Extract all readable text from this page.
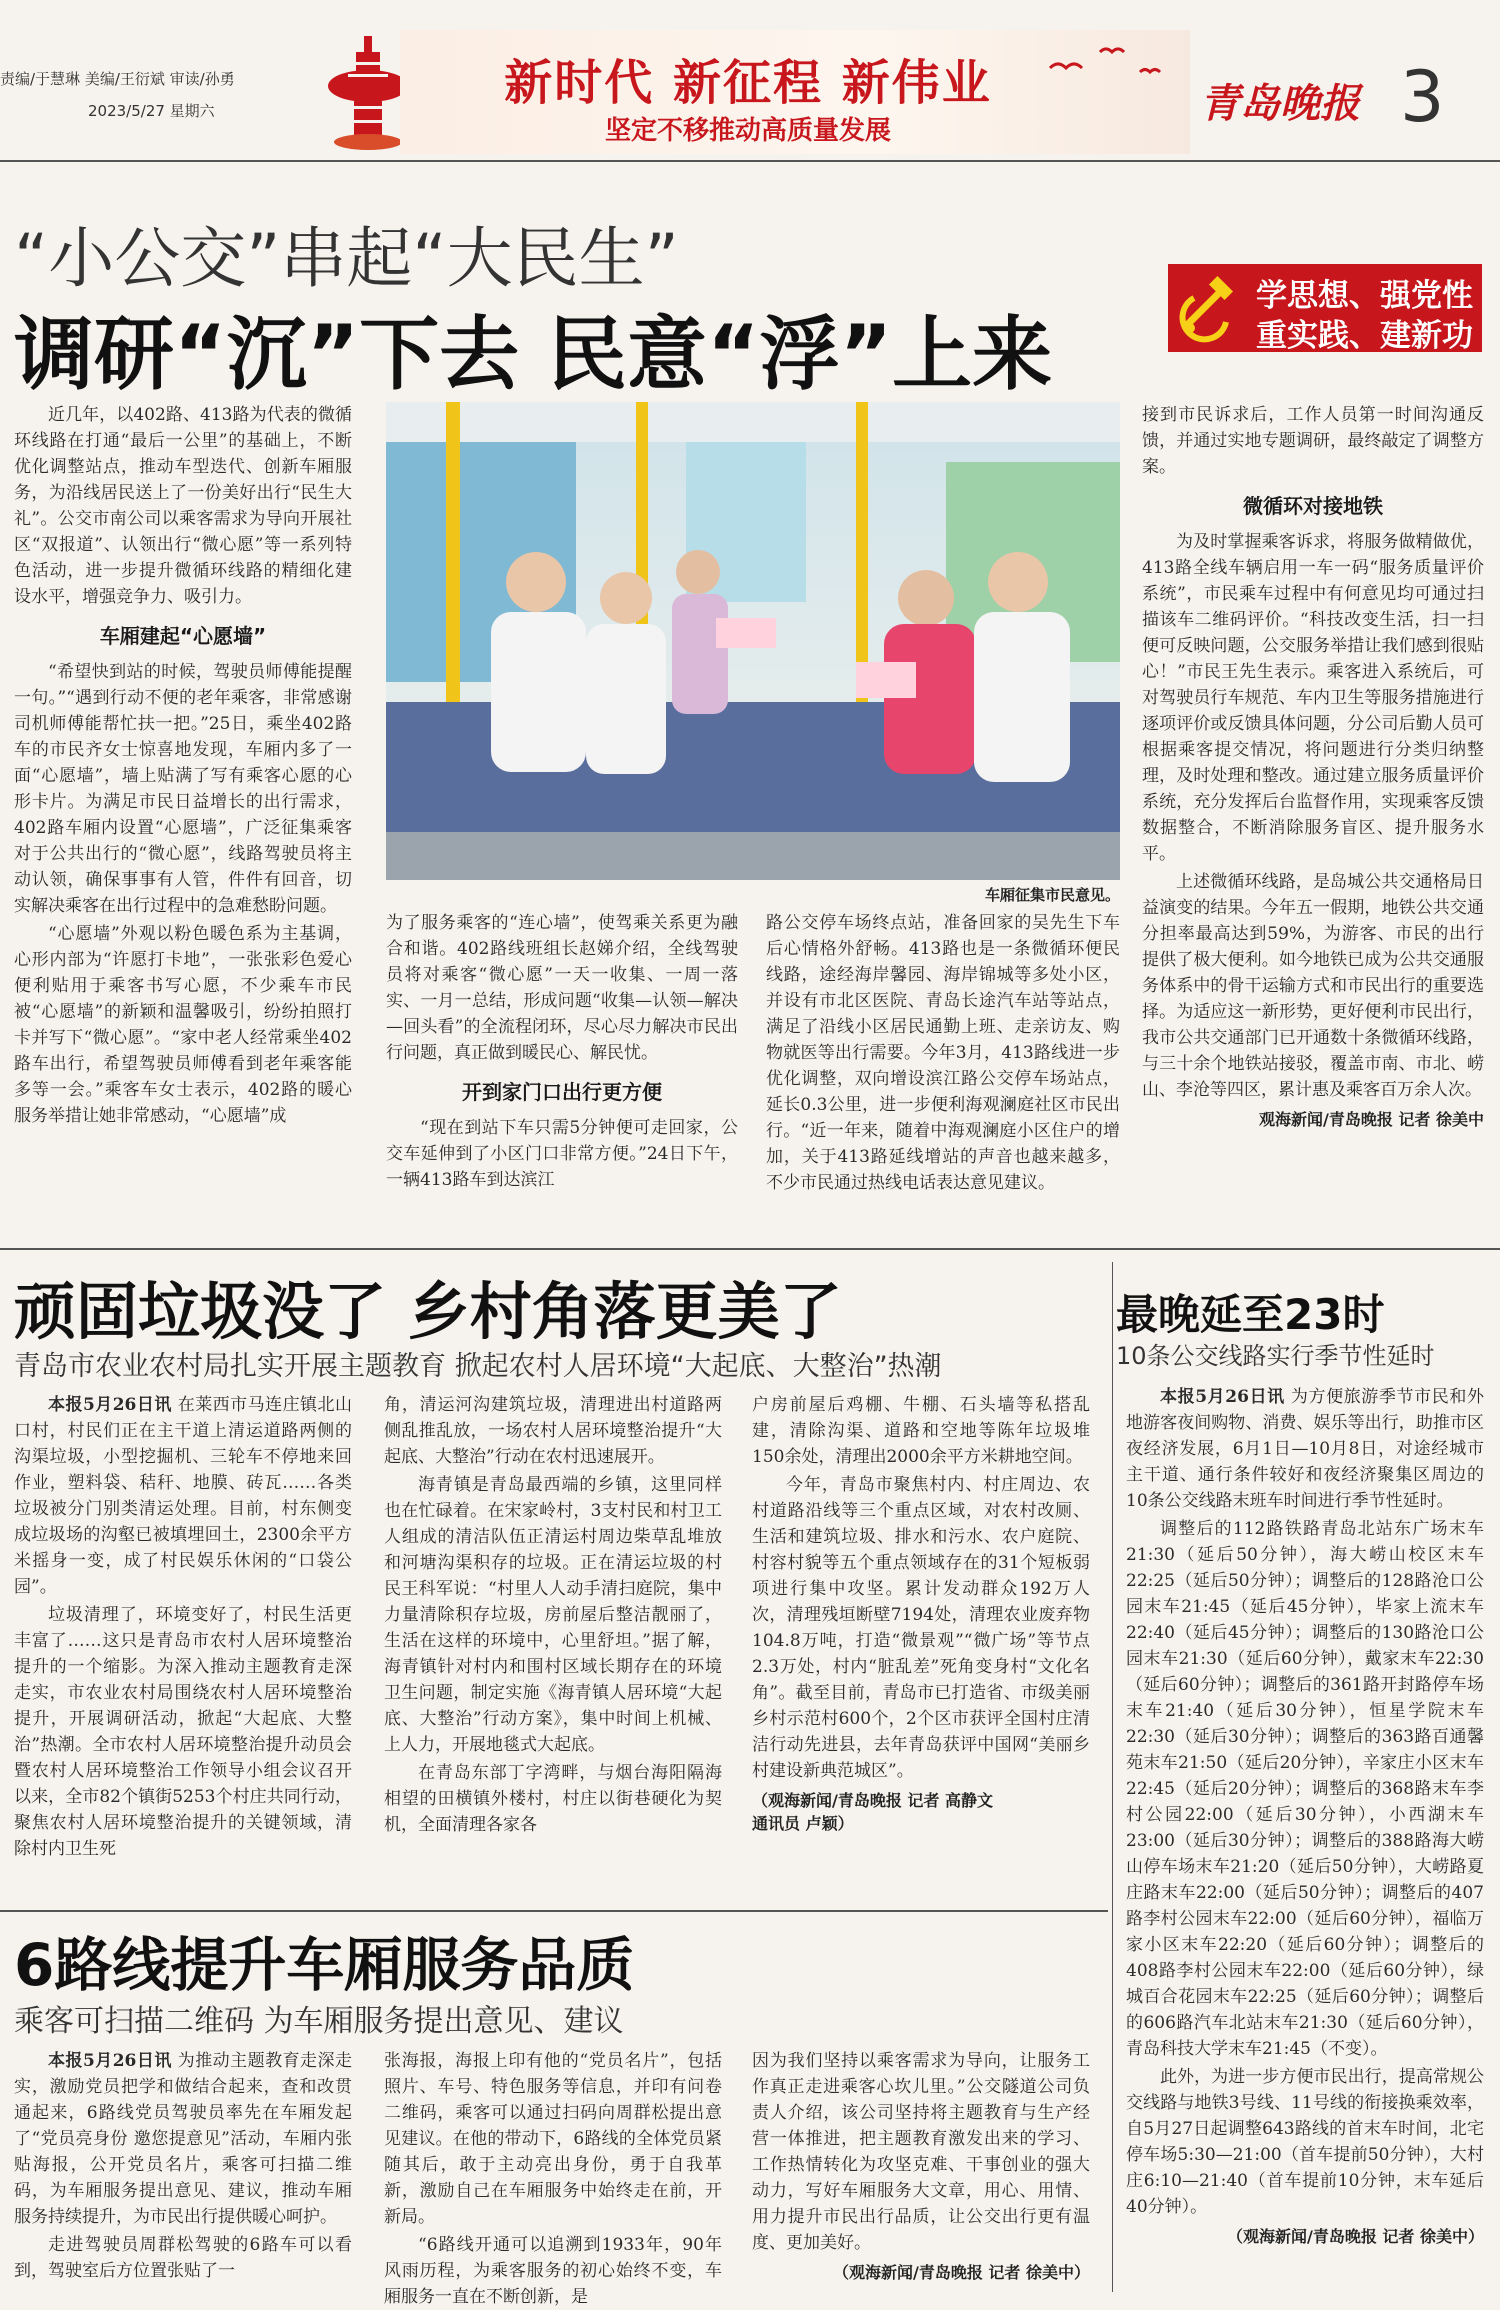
责编/于慧琳 美编/王衍斌 审读/孙勇
2023/5/27 星期六	新时代 新征程 新伟业
坚定不移推动高质量发展
青岛晚报 3
“小公交”串起“大民生”
调研“沉”下去 民意“浮”上来
学思想、强党性
重实践、建新功

近几年，以402路、413路为代表的微循环线路在打通“最后一公里”的基础上，不断优化调整站点，推动车型迭代、创新车厢服务，为沿线居民送上了一份美好出行“民生大礼”。公交市南公司以乘客需求为导向开展社区“双报道”、认领出行“微心愿”等一系列特色活动，进一步提升微循环线路的精细化建设水平，增强竞争力、吸引力。

车厢建起“心愿墙”

“希望快到站的时候，驾驶员师傅能提醒一句。”“遇到行动不便的老年乘客，非常感谢司机师傅能帮忙扶一把。”25日，乘坐402路车的市民齐女士惊喜地发现，车厢内多了一面“心愿墙”，墙上贴满了写有乘客心愿的心形卡片。为满足市民日益增长的出行需求，402路车厢内设置“心愿墙”，广泛征集乘客对于公共出行的“微心愿”，线路驾驶员将主动认领，确保事事有人管，件件有回音，切实解决乘客在出行过程中的急难愁盼问题。

“心愿墙”外观以粉色暖色系为主基调，心形内部为“许愿打卡地”，一张张彩色爱心便利贴用于乘客书写心愿，不少乘车市民被“心愿墙”的新颖和温馨吸引，纷纷拍照打卡并写下“微心愿”。“家中老人经常乘坐402路车出行，希望驾驶员师傅看到老年乘客能多等一会。”乘客车女士表示，402路的暖心服务举措让她非常感动，“心愿墙”成

车厢征集市民意见。

为了服务乘客的“连心墙”，使驾乘关系更为融合和谐。402路线班组长赵娣介绍，全线驾驶员将对乘客“微心愿”一天一收集、一周一落实、一月一总结，形成问题“收集—认领—解决—回头看”的全流程闭环，尽心尽力解决市民出行问题，真正做到暖民心、解民忧。

开到家门口出行更方便

“现在到站下车只需5分钟便可走回家，公交车延伸到了小区门口非常方便。”24日下午，一辆413路车到达滨江

路公交停车场终点站，准备回家的吴先生下车后心情格外舒畅。413路也是一条微循环便民线路，途经海岸馨园、海岸锦城等多处小区，并设有市北区医院、青岛长途汽车站等站点，满足了沿线小区居民通勤上班、走亲访友、购物就医等出行需要。今年3月，413路线进一步优化调整，双向增设滨江路公交停车场站点，延长0.3公里，进一步便利海观澜庭社区市民出行。“近一年来，随着中海观澜庭小区住户的增加，关于413路延线增站的声音也越来越多，不少市民通过热线电话表达意见建议。

接到市民诉求后，工作人员第一时间沟通反馈，并通过实地专题调研，最终敲定了调整方案。

微循环对接地铁

为及时掌握乘客诉求，将服务做精做优，413路全线车辆启用一车一码“服务质量评价系统”，市民乘车过程中有何意见均可通过扫描该车二维码评价。“科技改变生活，扫一扫便可反映问题，公交服务举措让我们感到很贴心！”市民王先生表示。乘客进入系统后，可对驾驶员行车规范、车内卫生等服务措施进行逐项评价或反馈具体问题，分公司后勤人员可根据乘客提交情况，将问题进行分类归纳整理，及时处理和整改。通过建立服务质量评价系统，充分发挥后台监督作用，实现乘客反馈数据整合，不断消除服务盲区、提升服务水平。

上述微循环线路，是岛城公共交通格局日益演变的结果。今年五一假期，地铁公共交通分担率最高达到59%，为游客、市民的出行提供了极大便利。如今地铁已成为公共交通服务体系中的骨干运输方式和市民出行的重要选择。为适应这一新形势，更好便利市民出行，我市公共交通部门已开通数十条微循环线路，与三十余个地铁站接驳，覆盖市南、市北、崂山、李沧等四区，累计惠及乘客百万余人次。

观海新闻/青岛晚报 记者 徐美中
顽固垃圾没了 乡村角落更美了
青岛市农业农村局扎实开展主题教育 掀起农村人居环境“大起底、大整治”热潮

本报5月26日讯 在莱西市马连庄镇北山口村，村民们正在主干道上清运道路两侧的沟渠垃圾，小型挖掘机、三轮车不停地来回作业，塑料袋、秸秆、地膜、砖瓦……各类垃圾被分门别类清运处理。目前，村东侧变成垃圾场的沟壑已被填埋回土，2300余平方米摇身一变，成了村民娱乐休闲的“口袋公园”。

垃圾清理了，环境变好了，村民生活更丰富了……这只是青岛市农村人居环境整治提升的一个缩影。为深入推动主题教育走深走实，市农业农村局围绕农村人居环境整治提升，开展调研活动，掀起“大起底、大整治”热潮。全市农村人居环境整治提升动员会暨农村人居环境整治工作领导小组会议召开以来，全市82个镇街5253个村庄共同行动，聚焦农村人居环境整治提升的关键领域，清除村内卫生死

角，清运河沟建筑垃圾，清理进出村道路两侧乱推乱放，一场农村人居环境整治提升“大起底、大整治”行动在农村迅速展开。

海青镇是青岛最西端的乡镇，这里同样也在忙碌着。在宋家岭村，3支村民和村卫工人组成的清洁队伍正清运村周边柴草乱堆放和河塘沟渠积存的垃圾。正在清运垃圾的村民王科军说：“村里人人动手清扫庭院，集中力量清除积存垃圾，房前屋后整洁靓丽了，生活在这样的环境中，心里舒坦。”据了解，海青镇针对村内和围村区域长期存在的环境卫生问题，制定实施《海青镇人居环境“大起底、大整治”行动方案》，集中时间上机械、上人力，开展地毯式大起底。

在青岛东部丁字湾畔，与烟台海阳隔海相望的田横镇外楼村，村庄以街巷硬化为契机，全面清理各家各

户房前屋后鸡棚、牛棚、石头墙等私搭乱建，清除沟渠、道路和空地等陈年垃圾堆150余处，清理出2000余平方米耕地空间。

今年，青岛市聚焦村内、村庄周边、农村道路沿线等三个重点区域，对农村改厕、生活和建筑垃圾、排水和污水、农户庭院、村容村貌等五个重点领域存在的31个短板弱项进行集中攻坚。累计发动群众192万人次，清理残垣断壁7194处，清理农业废弃物104.8万吨，打造“微景观”“微广场”等节点2.3万处，村内“脏乱差”死角变身村“文化名角”。截至目前，青岛市已打造省、市级美丽乡村示范村600个，2个区市获评全国村庄清洁行动先进县，去年青岛获评中国网“美丽乡村建设新典范城区”。

（观海新闻/青岛晚报 记者 高静文
通讯员 卢颖）
最晚延至23时
10条公交线路实行季节性延时

本报5月26日讯 为方便旅游季节市民和外地游客夜间购物、消费、娱乐等出行，助推市区夜经济发展，6月1日—10月8日，对途经城市主干道、通行条件较好和夜经济聚集区周边的10条公交线路末班车时间进行季节性延时。

调整后的112路铁路青岛北站东广场末车21:30（延后50分钟），海大崂山校区末车22:25（延后50分钟）；调整后的128路沧口公园末车21:45（延后45分钟），毕家上流末车22:40（延后45分钟）；调整后的130路沧口公园末车21:30（延后60分钟），戴家末车22:30（延后60分钟）；调整后的361路开封路停车场末车21:40（延后30分钟），恒星学院末车22:30（延后30分钟）；调整后的363路百通馨苑末车21:50（延后20分钟），辛家庄小区末车22:45（延后20分钟）；调整后的368路末车李村公园22:00（延后30分钟），小西湖末车23:00（延后30分钟）；调整后的388路海大崂山停车场末车21:20（延后50分钟），大崂路夏庄路末车22:00（延后50分钟）；调整后的407路李村公园末车22:00（延后60分钟），福临万家小区末车22:20（延后60分钟）；调整后的408路李村公园末车22:00（延后60分钟），绿城百合花园末车22:25（延后60分钟）；调整后的606路汽车北站末车21:30（延后60分钟），青岛科技大学末车21:45（不变）。

此外，为进一步方便市民出行，提高常规公交线路与地铁3号线、11号线的衔接换乘效率，自5月27日起调整643路线的首末车时间，北宅停车场5:30—21:00（首车提前50分钟），大村庄6:10—21:40（首车提前10分钟，末车延后40分钟）。

（观海新闻/青岛晚报 记者 徐美中）
6路线提升车厢服务品质
乘客可扫描二维码 为车厢服务提出意见、建议

本报5月26日讯 为推动主题教育走深走实，激励党员把学和做结合起来，查和改贯通起来，6路线党员驾驶员率先在车厢发起了“党员亮身份 邀您提意见”活动，车厢内张贴海报，公开党员名片，乘客可扫描二维码，为车厢服务提出意见、建议，推动车厢服务持续提升，为市民出行提供暖心呵护。

走进驾驶员周群松驾驶的6路车可以看到，驾驶室后方位置张贴了一

张海报，海报上印有他的“党员名片”，包括照片、车号、特色服务等信息，并印有问卷二维码，乘客可以通过扫码向周群松提出意见建议。在他的带动下，6路线的全体党员紧随其后，敢于主动亮出身份，勇于自我革新，激励自己在车厢服务中始终走在前，开新局。

“6路线开通可以追溯到1933年，90年风雨历程，为乘客服务的初心始终不变，车厢服务一直在不断创新，是

因为我们坚持以乘客需求为导向，让服务工作真正走进乘客心坎儿里。”公交隧道公司负责人介绍，该公司坚持将主题教育与生产经营一体推进，把主题教育激发出来的学习、工作热情转化为攻坚克难、干事创业的强大动力，写好车厢服务大文章，用心、用情、用力提升市民出行品质，让公交出行更有温度、更加美好。

（观海新闻/青岛晚报 记者 徐美中）
